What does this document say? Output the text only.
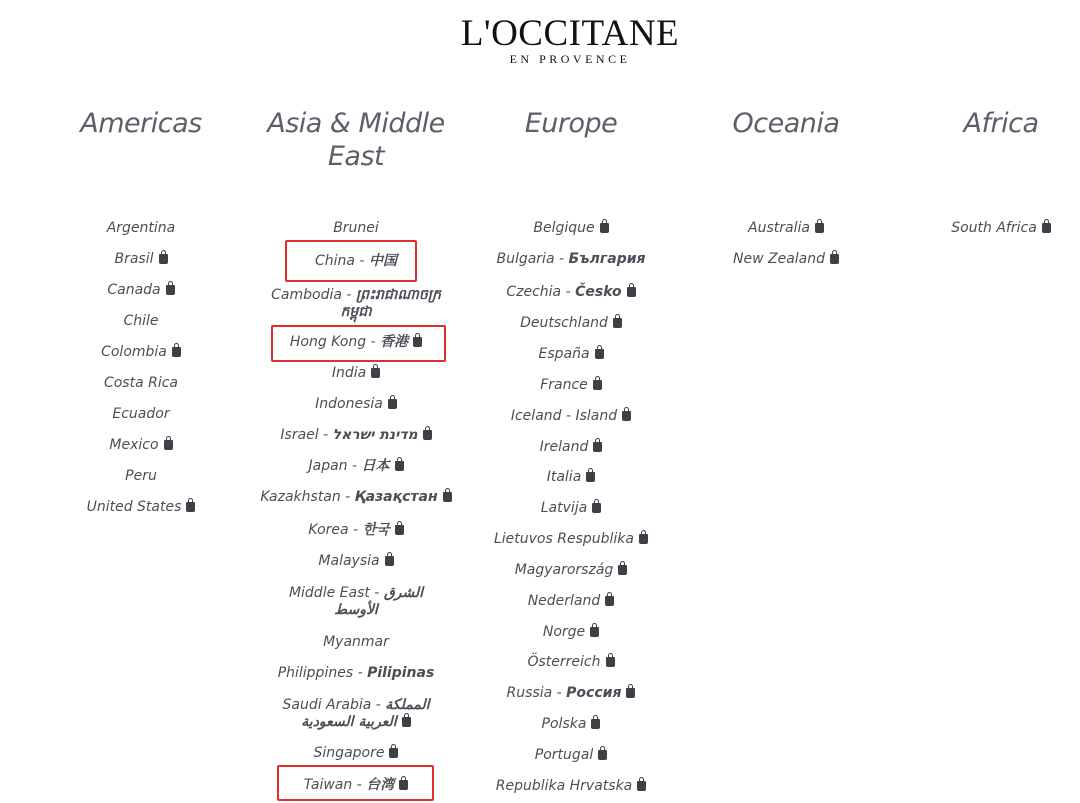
L'OCCITANE
EN PROVENCE
Americas
Argentina
Brasil
Canada
Chile
Colombia
Costa Rica
Ecuador
Mexico
Peru
United States
Asia & Middle East
Brunei
China - 中国
Cambodia - ព្រះរាជាណាចក្រកម្ពុជា
Hong Kong - 香港
India
Indonesia
Israel - מדינת ישראל
Japan - 日本
Kazakhstan - Қазақстан
Korea - 한국
Malaysia
Middle East - الشرق الأوسط
Myanmar
Philippines - Pilipinas
Saudi Arabia - المملكة العربية السعودية
Singapore
Taiwan - 台湾
Europe
Belgique
Bulgaria - България
Czechia - Česko
Deutschland
España
France
Iceland - Island
Ireland
Italia
Latvija
Lietuvos Respublika
Magyarország
Nederland
Norge
Österreich
Russia - Россия
Polska
Portugal
Republika Hrvatska
Oceania
Australia
New Zealand
Africa
South Africa
